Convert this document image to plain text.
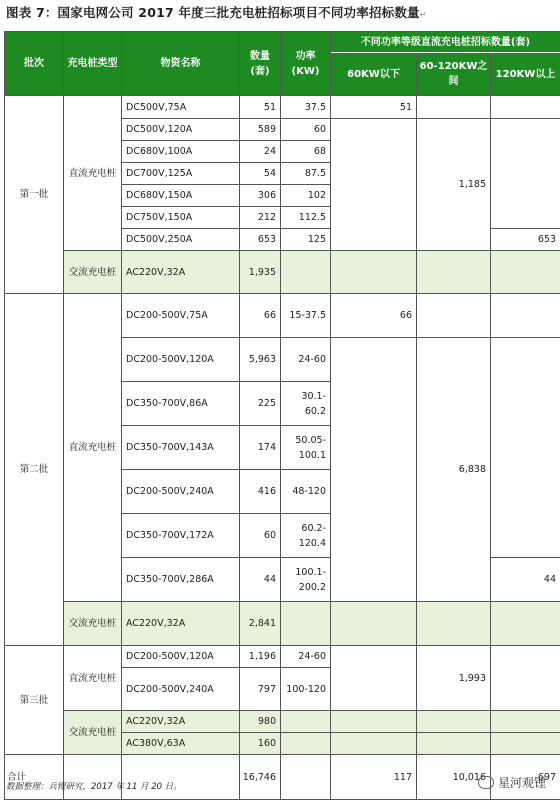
图表 7：国家电网公司 2017 年度三批充电桩招标项目不同功率招标数量↵
批次	充电桩类型	物资名称	数量(套)	功率(KW)	不同功率等级直流充电桩招标数量(套)		
					60KW以下	60-120KW之间	120KW以上
第一批	直流充电桩	DC500V,75A	51	37.5	51		
		DC500V,120A	589	60		1,185	
		DC680V,100A	24	68			
		DC700V,125A	54	87.5			
		DC680V,150A	306	102			
		DC750V,150A	212	112.5			
		DC500V,250A	653	125			653
	交流充电桩	AC220V,32A	1,935				
第二批	直流充电桩	DC200-500V,75A	66	15-37.5	66		
		DC200-500V,120A	5,963	24-60		6,838	
		DC350-700V,86A	225	30.1-60.2			
		DC350-700V,143A	174	50.05-100.1			
		DC200-500V,240A	416	48-120			
		DC350-700V,172A	60	60.2-120.4			
		DC350-700V,286A	44	100.1-200.2			44
	交流充电桩	AC220V,32A	2,841				
第三批	直流充电桩	DC200-500V,120A	1,196	24-60		1,993	
		DC200-500V,240A	797	100-120			
	交流充电桩	AC220V,32A	980				
		AC380V,63A	160				
合计			16,746		117	10,016	697
数据整理：兵锂研究，2017 年 11 月 20 日。	星河观锂
